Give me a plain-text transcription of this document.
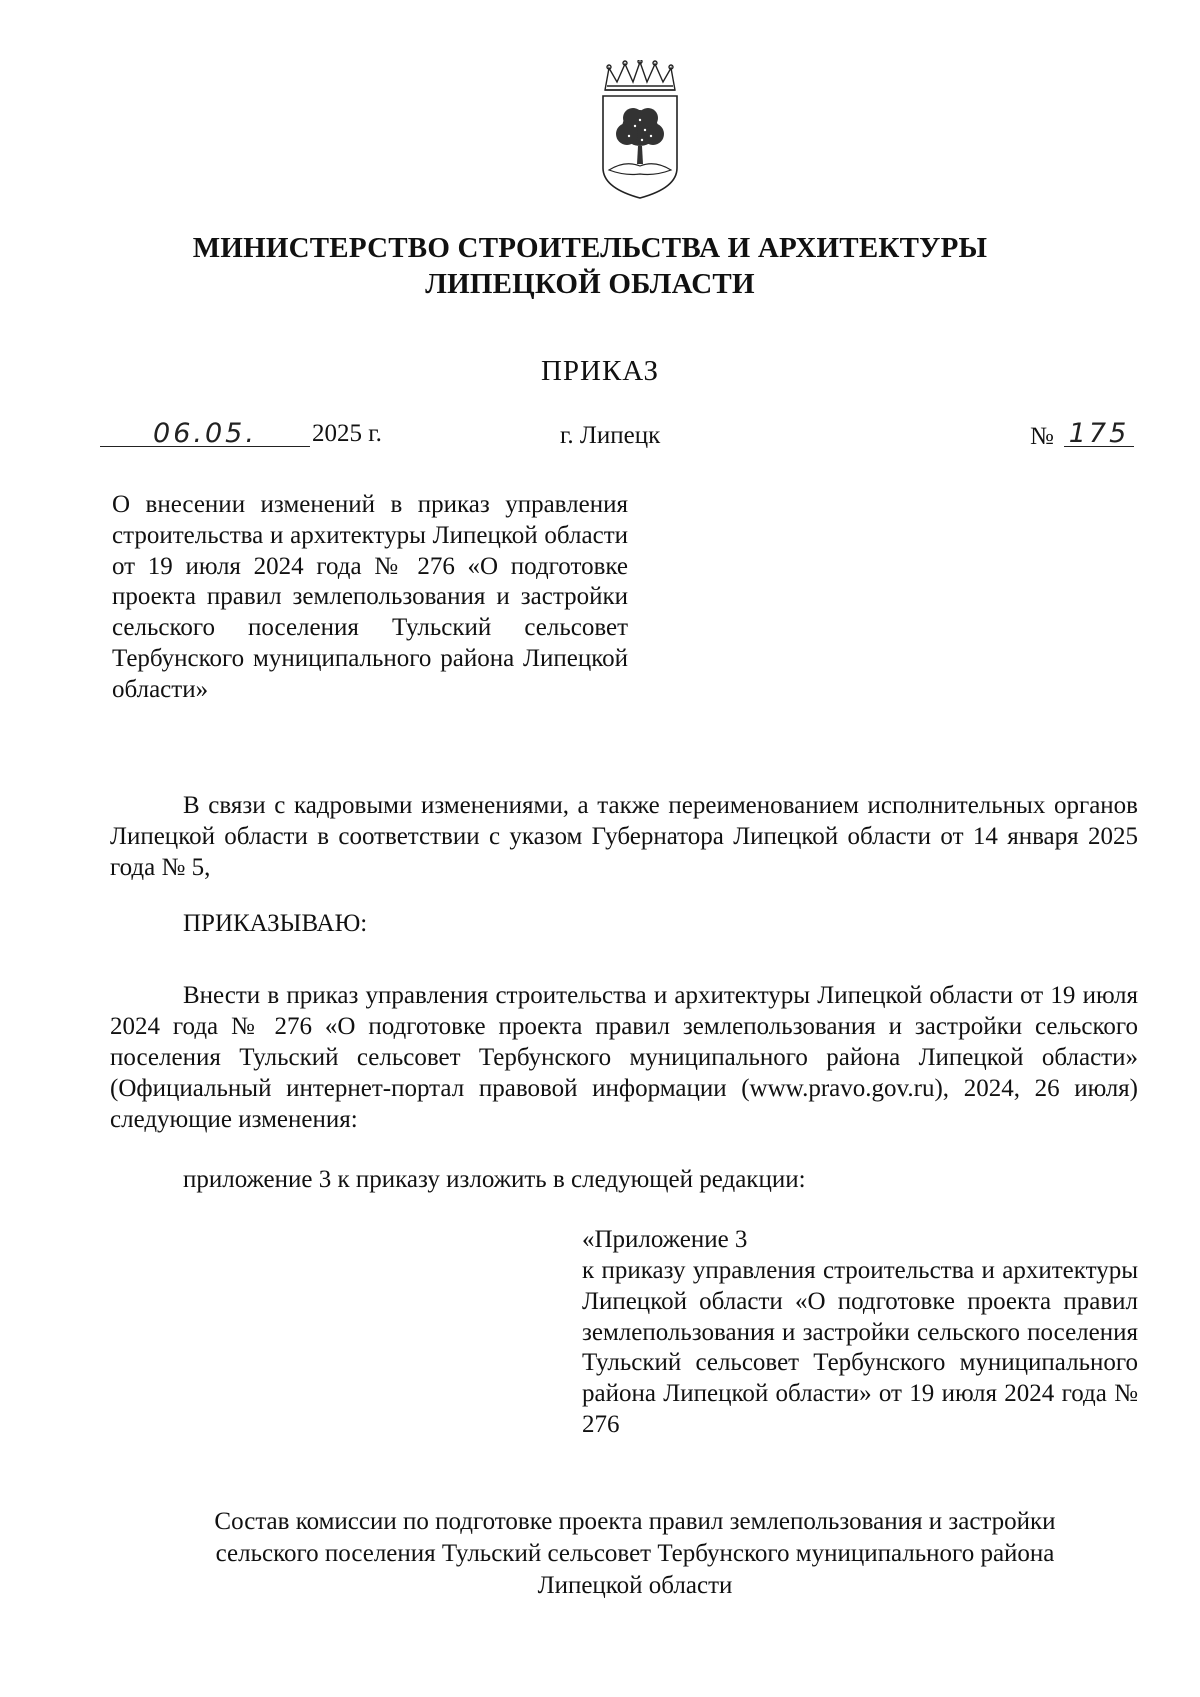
МИНИСТЕРСТВО СТРОИТЕЛЬСТВА И АРХИТЕКТУРЫ
ЛИПЕЦКОЙ ОБЛАСТИ
ПРИКАЗ
06.05.	2025 г.	г. Липецк	№ 175
О внесении изменений в приказ управления строительства и архитектуры Липецкой области от 19 июля 2024 года № 276 «О подготовке проекта правил землепользования и застройки сельского поселения Тульский сельсовет Тербунского муниципального района Липецкой области»
В связи с кадровыми изменениями, а также переименованием исполнительных органов Липецкой области в соответствии с указом Губернатора Липецкой области от 14 января 2025 года № 5,
ПРИКАЗЫВАЮ:
Внести в приказ управления строительства и архитектуры Липецкой области от 19 июля 2024 года № 276 «О подготовке проекта правил землепользования и застройки сельского поселения Тульский сельсовет Тербунского муниципального района Липецкой области» (Официальный интернет-портал правовой информации (www.pravo.gov.ru), 2024, 26 июля) следующие изменения:
приложение 3 к приказу изложить в следующей редакции:
«Приложение 3
к приказу управления строительства и архитектуры Липецкой области «О подготовке проекта правил землепользования и застройки сельского поселения Тульский сельсовет Тербунского муниципального района Липецкой области» от 19 июля 2024 года № 276
Состав комиссии по подготовке проекта правил землепользования и застройки
сельского поселения Тульский сельсовет Тербунского муниципального района
Липецкой области
